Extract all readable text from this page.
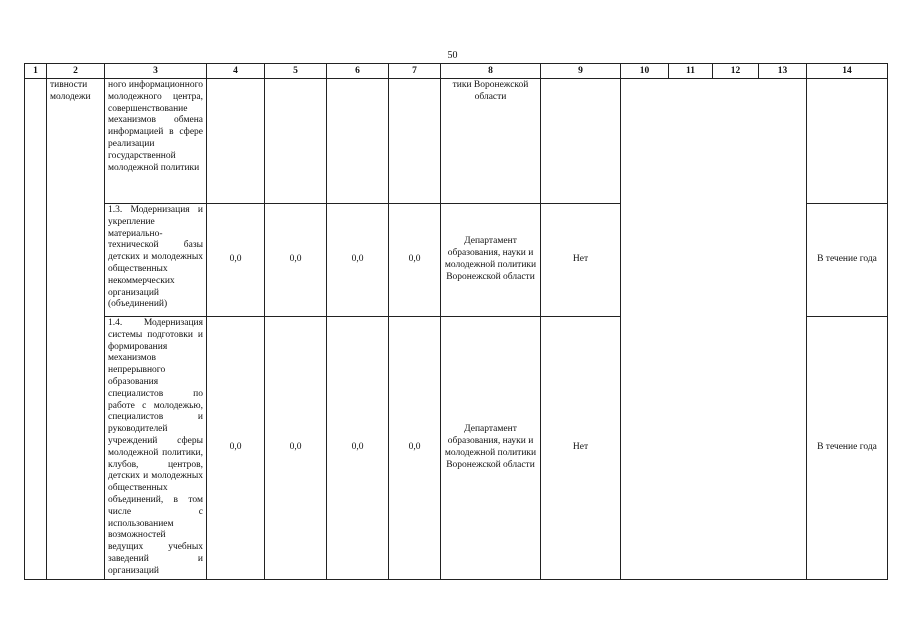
50
1	2	3	4	5	6	7	8	9	10	11	12	13	14

	тивности молодежи	ного информационного молодежного центра, совершенствование механизмов обмена информацией в сфере реализации государственной молодежной политики					тики Воронежской области						

		1.3. Модернизация и укрепление материально-технической базы детских и молодежных общественных некоммерческих организаций (объединений)	0,0	0,0	0,0	0,0	Департамент образования, науки и молодежной политики Воронежской области	Нет					В течение года

		1.4. Модернизация системы подготовки и формирования механизмов непрерывного образования специалистов по работе с молодежью, специалистов и руководителей учреждений сферы молодежной политики, клубов, центров, детских и молодежных общественных объединений, в том числе с использованием возможностей ведущих учебных заведений и организаций	0,0	0,0	0,0	0,0	Департамент образования, науки и молодежной политики Воронежской области	Нет					В течение года
